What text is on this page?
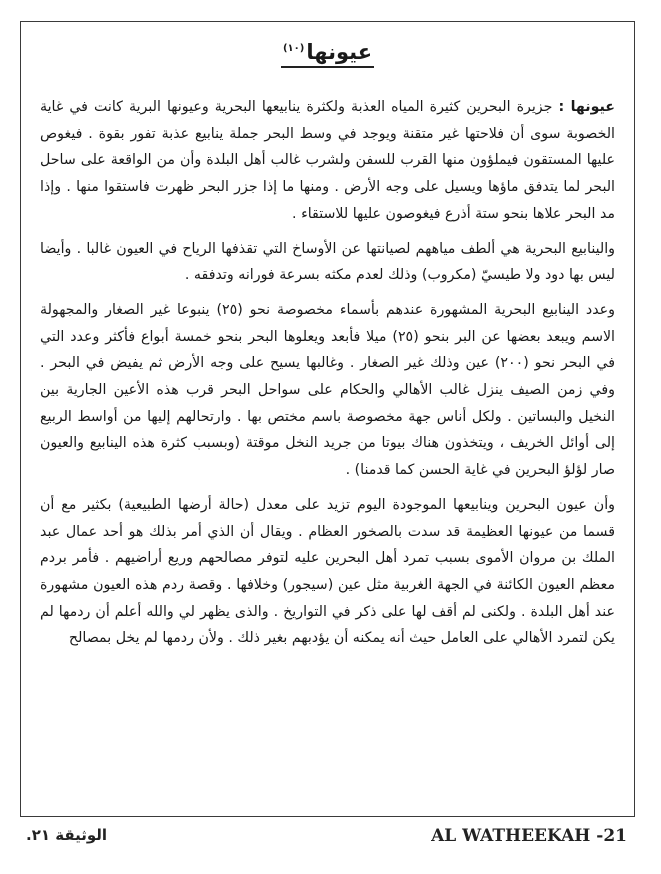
عيونها$^{(١٠)}$

عيونها : جزيرة البحرين كثيرة المياه العذبة ولكثرة ينابيعها البحرية وعيونها البرية كانت في غاية الخصوبة سوى أن فلاحتها غير متقنة ويوجد في وسط البحر جملة ينابيع عذبة تفور بقوة . فيغوص عليها المستقون فيملؤون منها القرب للسفن ولشرب غالب أهل البلدة وأن من الواقعة على ساحل البحر لما يتدفق ماؤها ويسيل على وجه الأرض . ومنها ما إذا جزر البحر ظهرت فاستقوا منها . وإذا مد البحر علاها بنحو ستة أذرع فيغوصون عليها للاستقاء .

والينابيع البحرية هي ألطف مياههم لصيانتها عن الأوساخ التي تقذفها الرياح في العيون غالبا . وأيضا ليس بها دود ولا طيسيّ (مكروب) وذلك لعدم مكثه بسرعة فورانه وتدفقه .

وعدد الينابيع البحرية المشهورة عندهم بأسماء مخصوصة نحو (٢٥) ينبوعا غير الصغار والمجهولة الاسم ويبعد بعضها عن البر بنحو (٢٥) ميلا فأبعد ويعلوها البحر بنحو خمسة أبواع فأكثر وعدد التي في البحر نحو (٢٠٠) عين وذلك غير الصغار . وغالبها يسيح على وجه الأرض ثم يفيض في البحر . وفي زمن الصيف ينزل غالب الأهالي والحكام على سواحل البحر قرب هذه الأعين الجارية بين النخيل والبساتين . ولكل أناس جهة مخصوصة باسم مختص بها . وارتحالهم إليها من أواسط الربيع إلى أوائل الخريف ، ويتخذون هناك بيوتا من جريد النخل موقتة (وبسبب كثرة هذه الينابيع والعيون صار لؤلؤ البحرين في غاية الحسن كما قدمنا) .

وأن عيون البحرين وينابيعها الموجودة اليوم تزيد على معدل (حالة أرضها الطبيعية) بكثير مع أن قسما من عيونها العظيمة قد سدت بالصخور العظام . ويقال أن الذي أمر بذلك هو أحد عمال عبد الملك بن مروان الأموى بسبب تمرد أهل البحرين عليه لتوفر مصالحهم وريع أراضيهم . فأمر بردم معظم العيون الكائنة في الجهة الغربية مثل عين (سيجور) وخلافها . وقصة ردم هذه العيون مشهورة عند أهل البلدة . ولكنى لم أقف لها على ذكر في التواريخ . والذى يظهر لي والله أعلم أن ردمها لم يكن لتمرد الأهالي على العامل حيث أنه يمكنه أن يؤدبهم بغير ذلك . ولأن ردمها لم يخل بمصالح

AL WATHEEKAH -21
الوثيقة ٢١.
